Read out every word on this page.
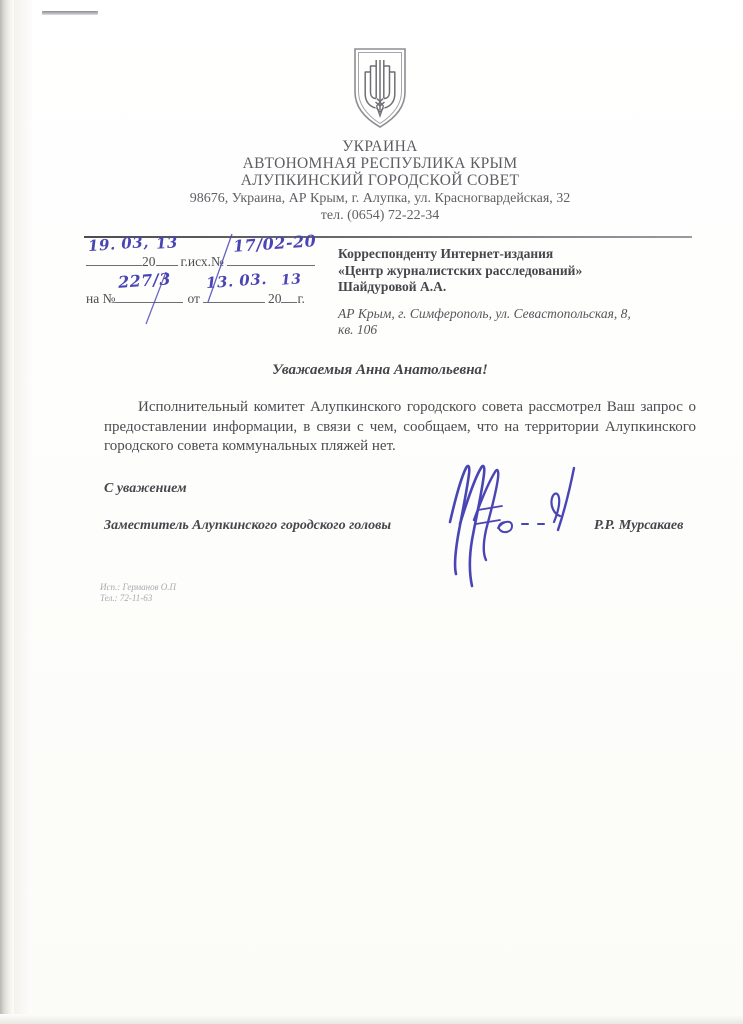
УКРАИНА
АВТОНОМНАЯ РЕСПУБЛИКА КРЫМ
АЛУПКИНСКИЙ ГОРОДСКОЙ СОВЕТ
98676, Украина, АР Крым, г. Алупка, ул. Красногвардейская, 32
тел. (0654) 72-22-34
19. 03,
20
13
г.исх.№
17/02-20
на №
227/3
от
13. 03.
20
13
г.
Корреспонденту Интернет-издания
«Центр журналистских расследований»
Шайдуровой А.А.
АР Крым, г. Симферополь, ул. Севастопольская, 8,
кв. 106
Уважаемыя Анна Анатольевна!
Исполнительный комитет Алупкинского городского совета рассмотрел Ваш запрос о предоставлении информации, в связи с чем, сообщаем, что на территории Алупкинского городского совета коммунальных пляжей нет.
С уважением
Заместитель Алупкинского городского головы	Р.Р. Мурсакаев
Исп.: Германов О.П
Тел.: 72-11-63
